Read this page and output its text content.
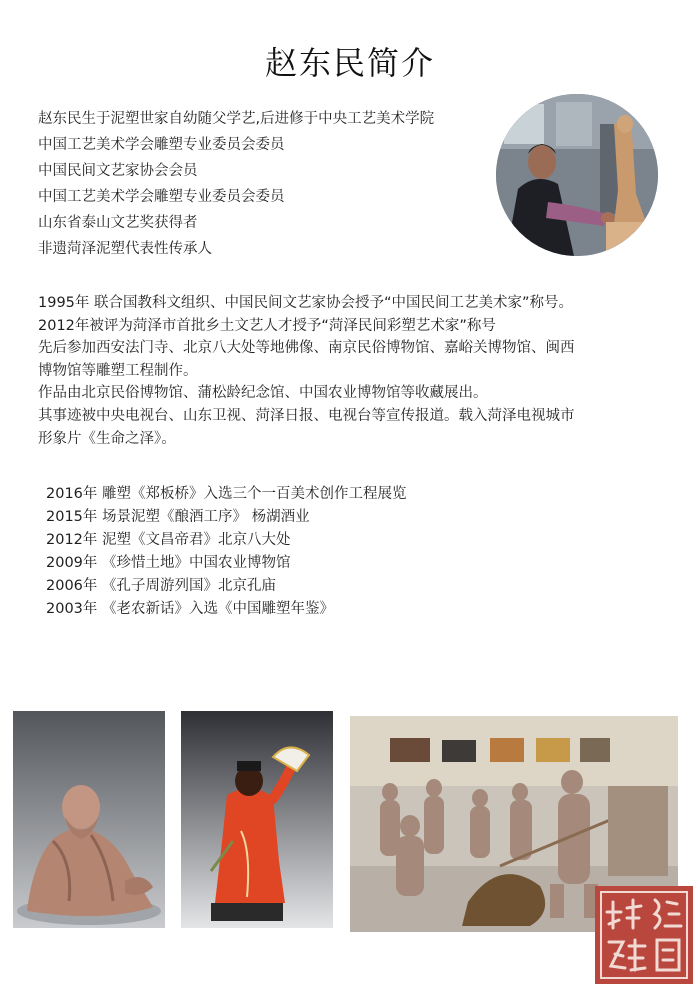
赵东民简介
赵东民生于泥塑世家自幼随父学艺,后进修于中央工艺美术学院
中国工艺美术学会雕塑专业委员会委员
中国民间文艺家协会会员
中国工艺美术学会雕塑专业委员会委员
山东省泰山文艺奖获得者
非遗菏泽泥塑代表性传承人
1995年 联合国教科文组织、中国民间文艺家协会授予“中国民间工艺美术家”称号。
2012年被评为菏泽市首批乡土文艺人才授予“菏泽民间彩塑艺术家”称号
先后参加西安法门寺、北京八大处等地佛像、南京民俗博物馆、嘉峪关博物馆、闽西
博物馆等雕塑工程制作。
作品由北京民俗博物馆、蒲松龄纪念馆、中国农业博物馆等收藏展出。
其事迹被中央电视台、山东卫视、菏泽日报、电视台等宣传报道。载入菏泽电视城市
形象片《生命之泽》。
2016年 雕塑《郑板桥》入选三个一百美术创作工程展览
2015年 场景泥塑《酿酒工序》 杨湖酒业
2012年 泥塑《文昌帝君》北京八大处
2009年 《珍惜土地》中国农业博物馆
2006年 《孔子周游列国》北京孔庙
2003年 《老农新话》入选《中国雕塑年鉴》
